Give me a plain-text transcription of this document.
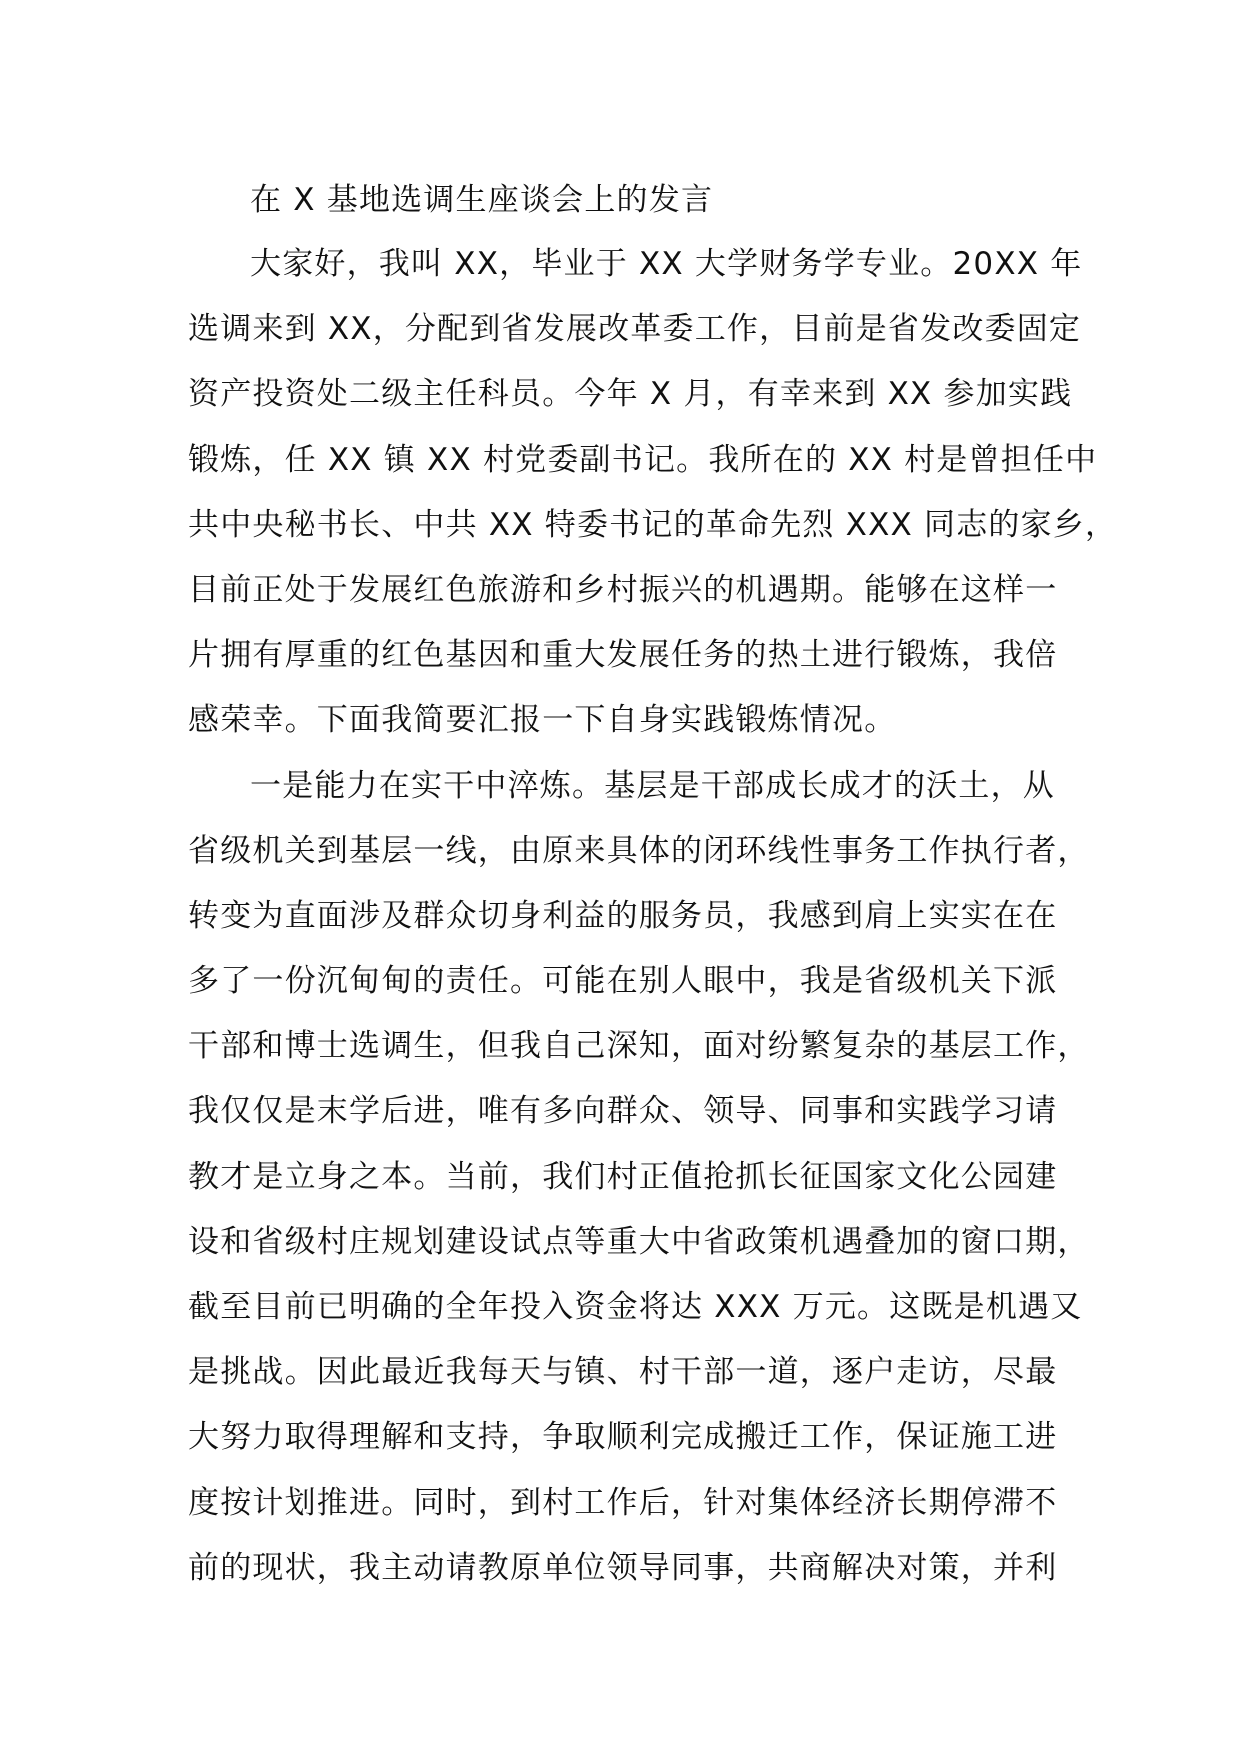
在 X 基地选调生座谈会上的发言
大家好，我叫 XX，毕业于 XX 大学财务学专业。20XX 年
选调来到 XX，分配到省发展改革委工作，目前是省发改委固定
资产投资处二级主任科员。今年 X 月，有幸来到 XX 参加实践
锻炼，任 XX 镇 XX 村党委副书记。我所在的 XX 村是曾担任中
共中央秘书长、中共 XX 特委书记的革命先烈 XXX 同志的家乡，
目前正处于发展红色旅游和乡村振兴的机遇期。能够在这样一
片拥有厚重的红色基因和重大发展任务的热土进行锻炼，我倍
感荣幸。下面我简要汇报一下自身实践锻炼情况。
一是能力在实干中淬炼。基层是干部成长成才的沃土，从
省级机关到基层一线，由原来具体的闭环线性事务工作执行者，
转变为直面涉及群众切身利益的服务员，我感到肩上实实在在
多了一份沉甸甸的责任。可能在别人眼中，我是省级机关下派
干部和博士选调生，但我自己深知，面对纷繁复杂的基层工作，
我仅仅是末学后进，唯有多向群众、领导、同事和实践学习请
教才是立身之本。当前，我们村正值抢抓长征国家文化公园建
设和省级村庄规划建设试点等重大中省政策机遇叠加的窗口期，
截至目前已明确的全年投入资金将达 XXX 万元。这既是机遇又
是挑战。因此最近我每天与镇、村干部一道，逐户走访，尽最
大努力取得理解和支持，争取顺利完成搬迁工作，保证施工进
度按计划推进。同时，到村工作后，针对集体经济长期停滞不
前的现状，我主动请教原单位领导同事，共商解决对策，并利
